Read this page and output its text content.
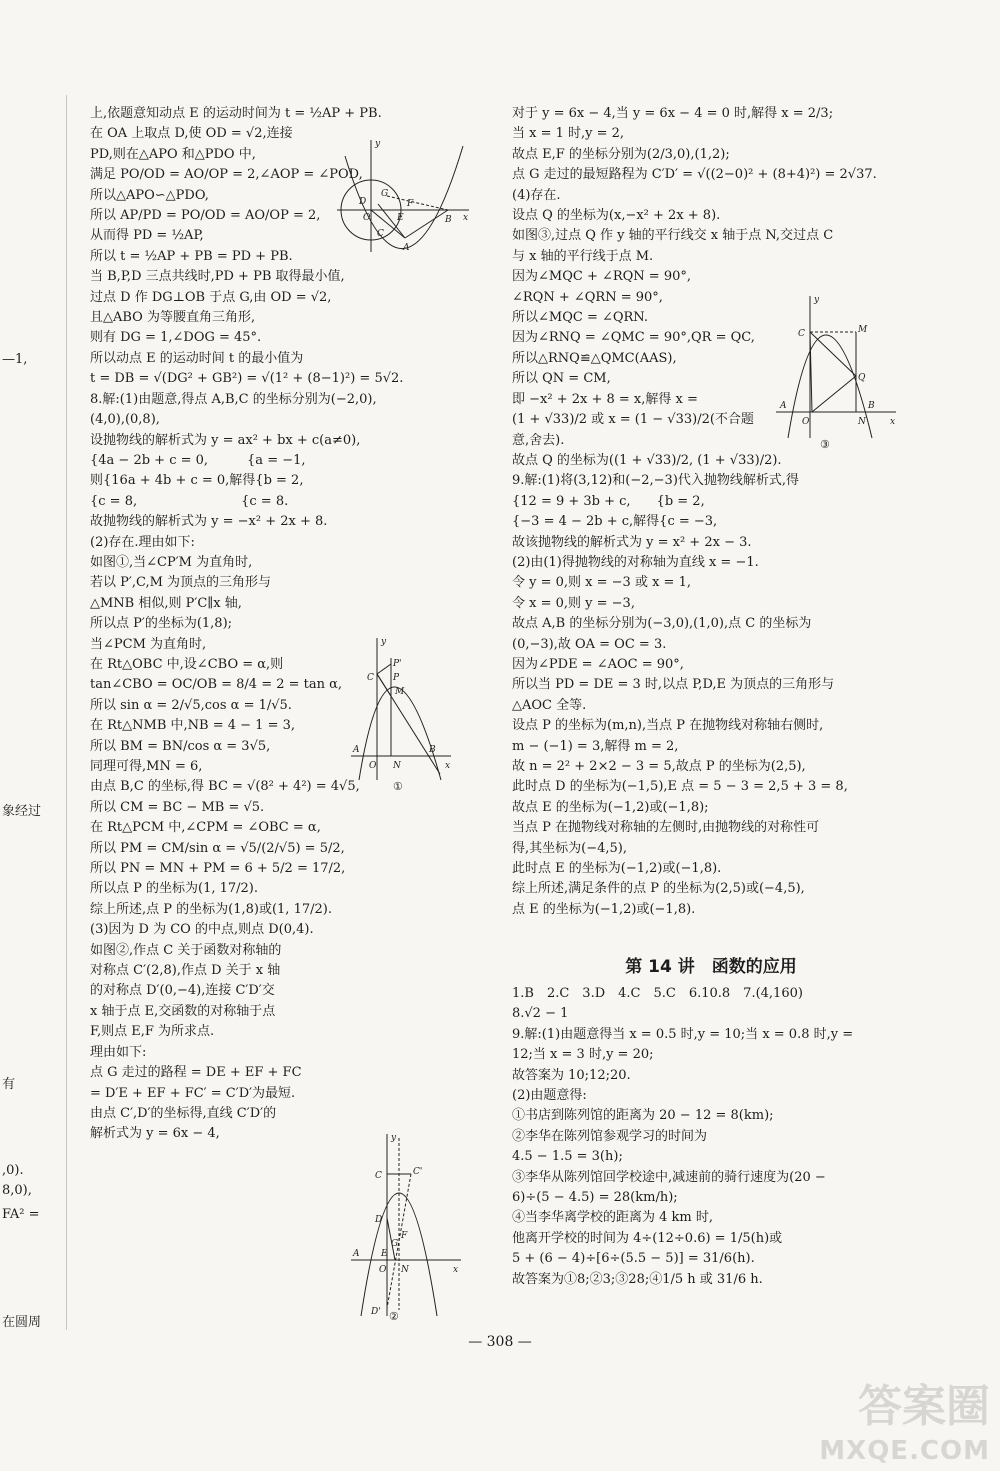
—1,
象经过
有
,0).
8,0),
FA² =
在圆周
上,依题意知动点 E 的运动时间为 t = ½AP + PB.
在 OA 上取点 D,使 OD = √2,连接
PD,则在△APO 和△PDO 中,
满足 PO/OD = AO/OP = 2,∠AOP = ∠POD,
所以△APO∽△PDO,
所以 AP/PD = PO/OD = AO/OP = 2,
从而得 PD = ½AP,
所以 t = ½AP + PB = PD + PB.
当 B,P,D 三点共线时,PD + PB 取得最小值,
过点 D 作 DG⊥OB 于点 G,由 OD = √2,
且△ABO 为等腰直角三角形,
则有 DG = 1,∠DOG = 45°.
所以动点 E 的运动时间 t 的最小值为
t = DB = √(DG² + GB²) = √(1² + (8−1)²) = 5√2.
8.解:(1)由题意,得点 A,B,C 的坐标分别为(−2,0),
(4,0),(0,8),
设抛物线的解析式为 y = ax² + bx + c(a≠0),
{4a − 2b + c = 0,　　　{a = −1,
则{16a + 4b + c = 0,解得{b = 2,
{c = 8,　　　　　　　　{c = 8.
故抛物线的解析式为 y = −x² + 2x + 8.
(2)存在.理由如下:
如图①,当∠CP′M 为直角时,
若以 P′,C,M 为顶点的三角形与
△MNB 相似,则 P′C∥x 轴,
所以点 P′的坐标为(1,8);
当∠PCM 为直角时,
在 Rt△OBC 中,设∠CBO = α,则
tan∠CBO = OC/OB = 8/4 = 2 = tan α,
所以 sin α = 2/√5,cos α = 1/√5.
在 Rt△NMB 中,NB = 4 − 1 = 3,
所以 BM = BN/cos α = 3√5,
同理可得,MN = 6,
由点 B,C 的坐标,得 BC = √(8² + 4²) = 4√5,
所以 CM = BC − MB = √5.
在 Rt△PCM 中,∠CPM = ∠OBC = α,
所以 PM = CM/sin α = √5/(2/√5) = 5/2,
所以 PN = MN + PM = 6 + 5/2 = 17/2,
所以点 P 的坐标为(1, 17/2).
综上所述,点 P 的坐标为(1,8)或(1, 17/2).
(3)因为 D 为 CO 的中点,则点 D(0,4).
如图②,作点 C 关于函数对称轴的
对称点 C′(2,8),作点 D 关于 x 轴
的对称点 D′(0,−4),连接 C′D′交
x 轴于点 E,交函数的对称轴于点
F,则点 E,F 为所求点.
理由如下:
点 G 走过的路程 = DE + EF + FC
= D′E + EF + FC′ = C′D′为最短.
由点 C′,D′的坐标得,直线 C′D′的
解析式为 y = 6x − 4,
对于 y = 6x − 4,当 y = 6x − 4 = 0 时,解得 x = 2/3;
当 x = 1 时,y = 2,
故点 E,F 的坐标分别为(2/3,0),(1,2);
点 G 走过的最短路程为 C′D′ = √((2−0)² + (8+4)²) = 2√37.
(4)存在.
设点 Q 的坐标为(x,−x² + 2x + 8).
如图③,过点 Q 作 y 轴的平行线交 x 轴于点 N,交过点 C
与 x 轴的平行线于点 M.
因为∠MQC + ∠RQN = 90°,
∠RQN + ∠QRN = 90°,
所以∠MQC = ∠QRN.
因为∠RNQ = ∠QMC = 90°,QR = QC,
所以△RNQ≌△QMC(AAS),
所以 QN = CM,
即 −x² + 2x + 8 = x,解得 x =
(1 + √33)/2 或 x = (1 − √33)/2(不合题
意,舍去).
故点 Q 的坐标为((1 + √33)/2, (1 + √33)/2).
9.解:(1)将(3,12)和(−2,−3)代入抛物线解析式,得
{12 = 9 + 3b + c,　　{b = 2,
{−3 = 4 − 2b + c,解得{c = −3,
故该抛物线的解析式为 y = x² + 2x − 3.
(2)由(1)得抛物线的对称轴为直线 x = −1.
令 y = 0,则 x = −3 或 x = 1,
令 x = 0,则 y = −3,
故点 A,B 的坐标分别为(−3,0),(1,0),点 C 的坐标为
(0,−3),故 OA = OC = 3.
因为∠PDE = ∠AOC = 90°,
所以当 PD = DE = 3 时,以点 P,D,E 为顶点的三角形与
△AOC 全等.
设点 P 的坐标为(m,n),当点 P 在抛物线对称轴右侧时,
m − (−1) = 3,解得 m = 2,
故 n = 2² + 2×2 − 3 = 5,故点 P 的坐标为(2,5),
此时点 D 的坐标为(−1,5),E 点 = 5 − 3 = 2,5 + 3 = 8,
故点 E 的坐标为(−1,2)或(−1,8);
当点 P 在抛物线对称轴的左侧时,由抛物线的对称性可
得,其坐标为(−4,5),
此时点 E 的坐标为(−1,2)或(−1,8).
综上所述,满足条件的点 P 的坐标为(2,5)或(−4,5),
点 E 的坐标为(−1,2)或(−1,8).
1.B　2.C　3.D　4.C　5.C　6.10.8　7.(4,160)
8.√2 − 1
9.解:(1)由题意得当 x = 0.5 时,y = 10;当 x = 0.8 时,y =
12;当 x = 3 时,y = 20;
故答案为 10;12;20.
(2)由题意得:
①书店到陈列馆的距离为 20 − 12 = 8(km);
②李华在陈列馆参观学习的时间为
4.5 − 1.5 = 3(h);
③李华从陈列馆回学校途中,减速前的骑行速度为(20 −
6)÷(5 − 4.5) = 28(km/h);
④当李华离学校的距离为 4 km 时,
他离开学校的时间为 4÷(12÷0.6) = 1/5(h)或
5 + (6 − 4)÷[6÷(5.5 − 5)] = 31/6(h).
故答案为①8;②3;③28;④1/5 h 或 31/6 h.
第 14 讲　函数的应用
y
G
D
O
F
E	B x
C
A
y
P'
C P
M
A
O N
B
x
①
y
C	C'
D
E
G
F
A
O N	x
D' ②
y
C	M
Q
A
O	N
B
x
③
— 308 —
答案圈
MXQE.COM
